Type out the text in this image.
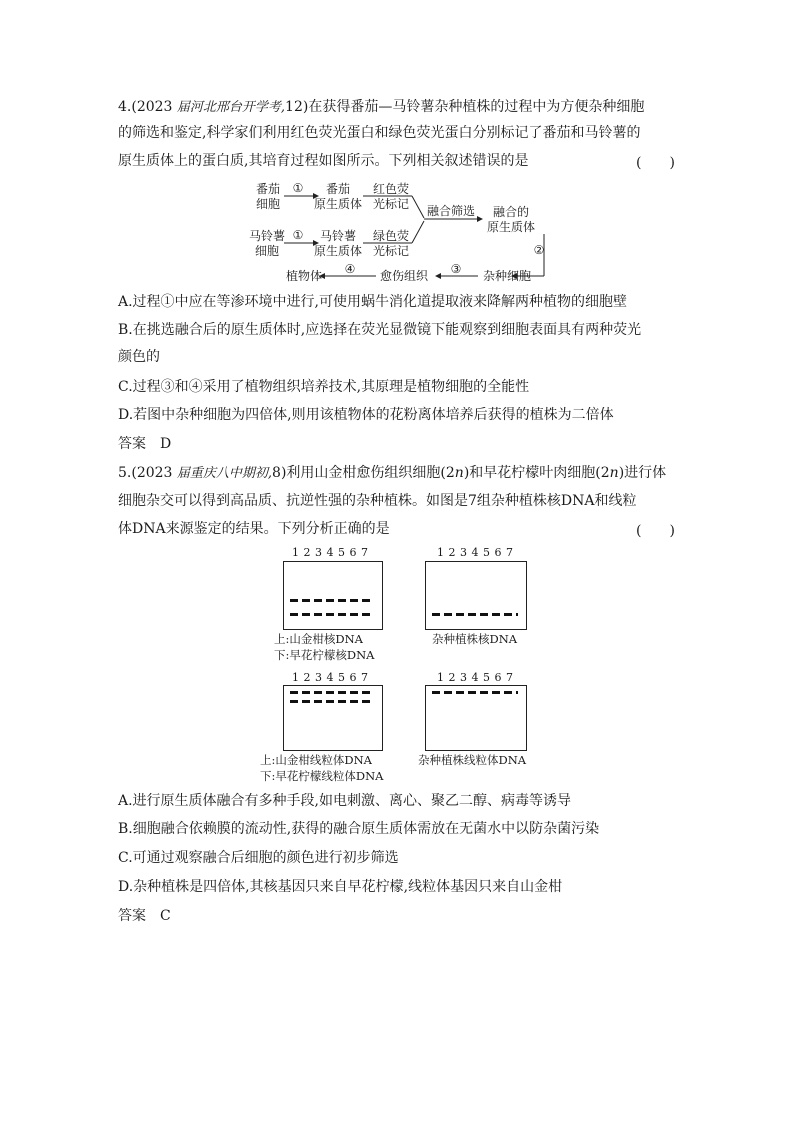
4.(2023 届河北邢台开学考,12)在获得番茄—马铃薯杂种植株的过程中为方便杂种细胞
的筛选和鉴定,科学家们利用红色荧光蛋白和绿色荧光蛋白分别标记了番茄和马铃薯的
原生质体上的蛋白质,其培育过程如图所示。下列相关叙述错误的是	(　　)
番茄
细胞
①	番茄
原生质体
红色荧
光标记 融合筛选	融合的
原生质体
马铃薯
细胞
①	马铃薯
原生质体
绿色荧
光标记	②
植物体	④	愈伤组织	③	杂种细胞
A.过程①中应在等渗环境中进行,可使用蜗牛消化道提取液来降解两种植物的细胞壁
B.在挑选融合后的原生质体时,应选择在荧光显微镜下能观察到细胞表面具有两种荧光
颜色的
C.过程③和④采用了植物组织培养技术,其原理是植物细胞的全能性
D.若图中杂种细胞为四倍体,则用该植物体的花粉离体培养后获得的植株为二倍体
答案　D
5.(2023 届重庆八中期初,8)利用山金柑愈伤组织细胞(2n)和早花柠檬叶肉细胞(2n)进行体
细胞杂交可以得到高品质、抗逆性强的杂种植株。如图是7组杂种植株核DNA和线粒
体DNA来源鉴定的结果。下列分析正确的是	(　　)
1 2 3 4 5 6 7
上:山金柑核DNA
下:早花柠檬核DNA
1 2 3 4 5 6 7
杂种植株核DNA
1 2 3 4 5 6 7
上:山金柑线粒体DNA
下:早花柠檬线粒体DNA
1 2 3 4 5 6 7
杂种植株线粒体DNA
A.进行原生质体融合有多种手段,如电刺激、离心、聚乙二醇、病毒等诱导
B.细胞融合依赖膜的流动性,获得的融合原生质体需放在无菌水中以防杂菌污染
C.可通过观察融合后细胞的颜色进行初步筛选
D.杂种植株是四倍体,其核基因只来自早花柠檬,线粒体基因只来自山金柑
答案　C
